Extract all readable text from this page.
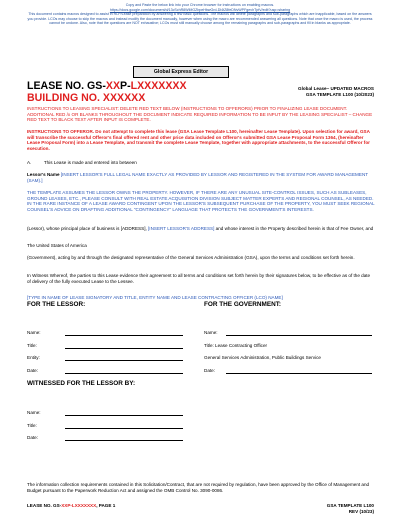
Copy and Paste the below link into your Chrome browser for instructions on enabling macros.
https://docs.google.com/document/d/13cSchR8WiMGZbpeHbwGrd-Dl4tZ8feDNvWPFgevhTptV/edit?usp=sharing
This document contains macros designed to assist in RLP/Lease preparation by answering a few basic questions. The macros will delete paragraphs and sub-paragraphs which are inapplicable, based on the answers you provide. LCOs may choose to skip the macros and instead modify the document manually, however when using the macro are recommended answering all questions. Note that once the macro is used, the process cannot be undone. Also, note that the questions are NOT exhaustive; LCOs must still manually choose among the remaining paragraphs and sub-paragraphs and fill in blanks as appropriate.
Global Express Editor
LEASE NO. GS-XXP-LXXXXXXX
BUILDING NO. XXXXXX
Global Lease– UPDATED MACROS
GSA TEMPLATE L100 (10/2023)
INSTRUCTIONS TO LEASING SPECIALIST: DELETE RED TEXT BELOW (INSTRUCTIONS TO OFFERORS) PRIOR TO FINALIZING LEASE DOCUMENT. ADDITIONAL RED /x OR BLANKS THROUGHOUT THE DOCUMENT INDICATE REQUIRED INFORMATION TO BE INPUT BY THE LEASING SPECIALIST – CHANGE RED TEXT TO BLACK TEXT AFTER INPUT IS COMPLETE.
INSTRUCTIONS TO OFFEROR. Do not attempt to complete this lease (GSA Lease Template L100, hereinafter Lease Template). Upon selection for award, GSA will transcribe the successful Offeror's final offered rent and other price data included on Offeror's submitted GSA Lease Proposal Form 1364, (hereinafter Lease Proposal Form) into a Lease Template, and transmit the complete Lease Template, together with appropriate attachments, to the successful Offeror for execution.
A.	This Lease is made and entered into between
Lessor's Name [INSERT LESSOR'S FULL LEGAL NAME EXACTLY AS PROVIDED BY LESSOR AND REGISTERED IN THE SYSTEM FOR AWARD MANAGEMENT (SAM).]
THE TEMPLATE ASSUMES THE LESSOR OWNS THE PROPERTY. HOWEVER, IF THERE ARE ANY UNUSUAL SITE-CONTROL ISSUES, SUCH AS SUBLEASES, GROUND LEASES, ETC., PLEASE CONSULT WITH REAL ESTATE ACQUISITION DIVISION SUBJECT MATTER EXPERTS AND REGIONAL COUNSEL, AS NEEDED. IN THE RARE INSTANCE OF A LEASE AWARD CONTINGENT UPON THE LESSOR'S SUBSEQUENT PURCHASE OF THE PROPERTY, YOU MUST SEEK REGIONAL COUNSEL'S ADVICE ON DRAFTING ADDITIONAL "CONTINGENCY" LANGUAGE THAT PROTECTS THE GOVERNMENT'S INTERESTS.
(Lessor), whose principal place of business is [ADDRESS], [INSERT LESSOR'S ADDRESS] and whose interest in the Property described herein is that of Fee Owner, and
The United States of America
(Government), acting by and through the designated representative of the General Services Administration (GSA), upon the terms and conditions set forth herein.
In Witness Whereof, the parties to this Lease evidence their agreement to all terms and conditions set forth herein by their signatures below, to be effective as of the date of delivery of the fully executed Lease to the Lessee.
[TYPE IN NAME OF LEASE SIGNATORY AND TITLE, ENTITY NAME AND LEASE CONTRACTING OFFICER (LCO) NAME]
FOR THE LESSOR:	FOR THE GOVERNMENT:
Name:
Title:
Entity:
Date:
Name:
Title: Lease Contracting Officer
General Services Administration, Public Buildings Service
Date:
WITNESSED FOR THE LESSOR BY:
Name:
Title:
Date:
The information collection requirements contained in this Solicitation/Contract, that are not required by regulation, have been approved by the Office of Management and Budget pursuant to the Paperwork Reduction Act and assigned the OMB Control No. 3090-0086.
LEASE NO. GS-XXP-LXXXXXXX, PAGE 1	GSA TEMPLATE L100
REV (10/23)
